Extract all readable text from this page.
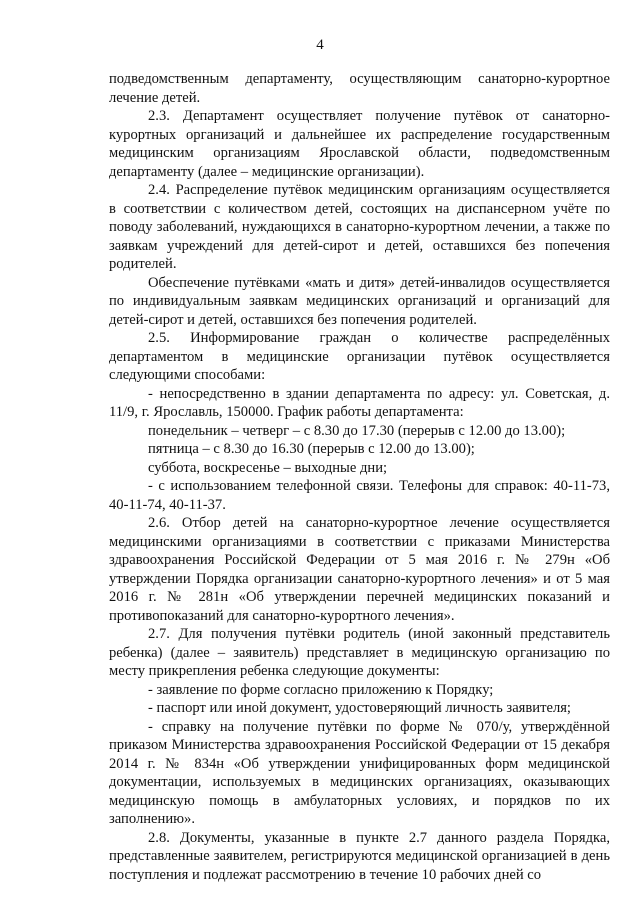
4

подведомственным департаменту, осуществляющим санаторно-курортное лечение детей.

2.3. Департамент осуществляет получение путёвок от санаторно-курортных организаций и дальнейшее их распределение государственным медицинским организациям Ярославской области, подведомственным департаменту (далее – медицинские организации).

2.4. Распределение путёвок медицинским организациям осуществляется в соответствии с количеством детей, состоящих на диспансерном учёте по поводу заболеваний, нуждающихся в санаторно-курортном лечении, а также по заявкам учреждений для детей-сирот и детей, оставшихся без попечения родителей.

Обеспечение путёвками «мать и дитя» детей-инвалидов осуществляется по индивидуальным заявкам медицинских организаций и организаций для детей-сирот и детей, оставшихся без попечения родителей.

2.5. Информирование граждан о количестве распределённых департаментом в медицинские организации путёвок осуществляется следующими способами:

- непосредственно в здании департамента по адресу: ул. Советская, д. 11/9, г. Ярославль, 150000. График работы департамента:

понедельник – четверг – с 8.30 до 17.30 (перерыв с 12.00 до 13.00);

пятница – с 8.30 до 16.30 (перерыв с 12.00 до 13.00);

суббота, воскресенье – выходные дни;

- с использованием телефонной связи. Телефоны для справок: 40-11-73, 40-11-74, 40-11-37.

2.6. Отбор детей на санаторно-курортное лечение осуществляется медицинскими организациями в соответствии с приказами Министерства здравоохранения Российской Федерации от 5 мая 2016 г. № 279н «Об утверждении Порядка организации санаторно-курортного лечения» и от 5 мая 2016 г. № 281н «Об утверждении перечней медицинских показаний и противопоказаний для санаторно-курортного лечения».

2.7. Для получения путёвки родитель (иной законный представитель ребенка) (далее – заявитель) представляет в медицинскую организацию по месту прикрепления ребенка следующие документы:

- заявление по форме согласно приложению к Порядку;

- паспорт или иной документ, удостоверяющий личность заявителя;

- справку на получение путёвки по форме № 070/у, утверждённой приказом Министерства здравоохранения Российской Федерации от 15 декабря 2014 г. № 834н «Об утверждении унифицированных форм медицинской документации, используемых в медицинских организациях, оказывающих медицинскую помощь в амбулаторных условиях, и порядков по их заполнению».

2.8. Документы, указанные в пункте 2.7 данного раздела Порядка, представленные заявителем, регистрируются медицинской организацией в день поступления и подлежат рассмотрению в течение 10 рабочих дней со
